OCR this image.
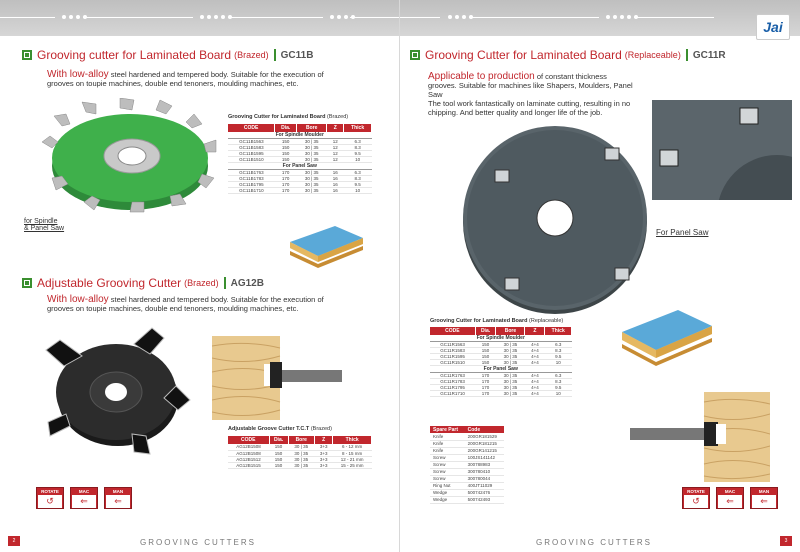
Grooving cutter for Laminated Board (Brazed) GC11B
With low-alloy steel hardened and tempered body. Suitable for the execution of grooves on toupie machines, double end tenoners, moulding machines, etc.
for Spindle
& Panel Saw
Grooving Cutter for Laminated Board (Brazed)
CODE	Dia.	Bore	Z	Thick
For Spindle Moulder				
GC11B1563	150	30 | 35	12	6.3
GC11B1583	150	30 | 35	12	8.3
GC11B1595	150	30 | 35	12	9.5
GC11B1510	150	30 | 35	12	10
For Panel Saw				
GC11B1763	170	30 | 35	16	6.3
GC11B1783	170	30 | 35	16	8.3
GC11B1795	170	30 | 35	16	9.5
GC11B1710	170	30 | 35	16	10
Adjustable Grooving Cutter (Brazed) AG12B
With low-alloy steel hardened and tempered body. Suitable for the execution of grooves on toupie machines, double end tenoners, moulding machines, etc.
Adjustable Groove Cutter T.C.T (Brazed)
CODE	Dia.	Bore	Z	Thick
AG12B1508	150	30 | 35	3+3	6 - 12 mm
AG12B1508	150	30 | 35	3+3	8 - 15 mm
AG12B1512	150	30 | 35	3+3	12 - 21 mm
AG12B1515	150	30 | 35	3+3	15 - 25 mm
ROTATE
↺
MAC
⇐
MAN
⇐
GROOVING CUTTERS
2
Jai
Grooving Cutter for Laminated Board (Replaceable) GC11R
Applicable to production of constant thickness grooves. Suitable for machines like Shapers, Moulders, Panel Saw
The tool work fantastically on laminate cutting, resulting in no chipping. And better quality and longer life of the job.
For Panel Saw
Grooving Cutter for Laminated Board (Replaceable)
CODE	Dia.	Bore	Z	Thick
For Spindle Moulder				
GC11R1563	150	30 | 35	4+4	6.3
GC11R1583	150	30 | 35	4+4	8.3
GC11R1595	150	30 | 35	4+4	9.5
GC11R1510	150	30 | 35	4+4	10
For Panel Saw				
GC11R1763	170	30 | 35	4+4	6.3
GC11R1783	170	30 | 35	4+4	8.3
GC11R1795	170	30 | 35	4+4	9.5
GC11R1710	170	30 | 35	4+4	10
Spare Part	Code
Knife	200GR181529
Knife	200GR181215
Knife	200GR141215
Screw	100JS141142
Screw	300788983
Screw	300780410
Screw	300780044
Ring Nut	400JT11029
Wedge	500742476
Wedge	500742493
ROTATE
↺
MAC
⇐
MAN
⇐
GROOVING CUTTERS	3
